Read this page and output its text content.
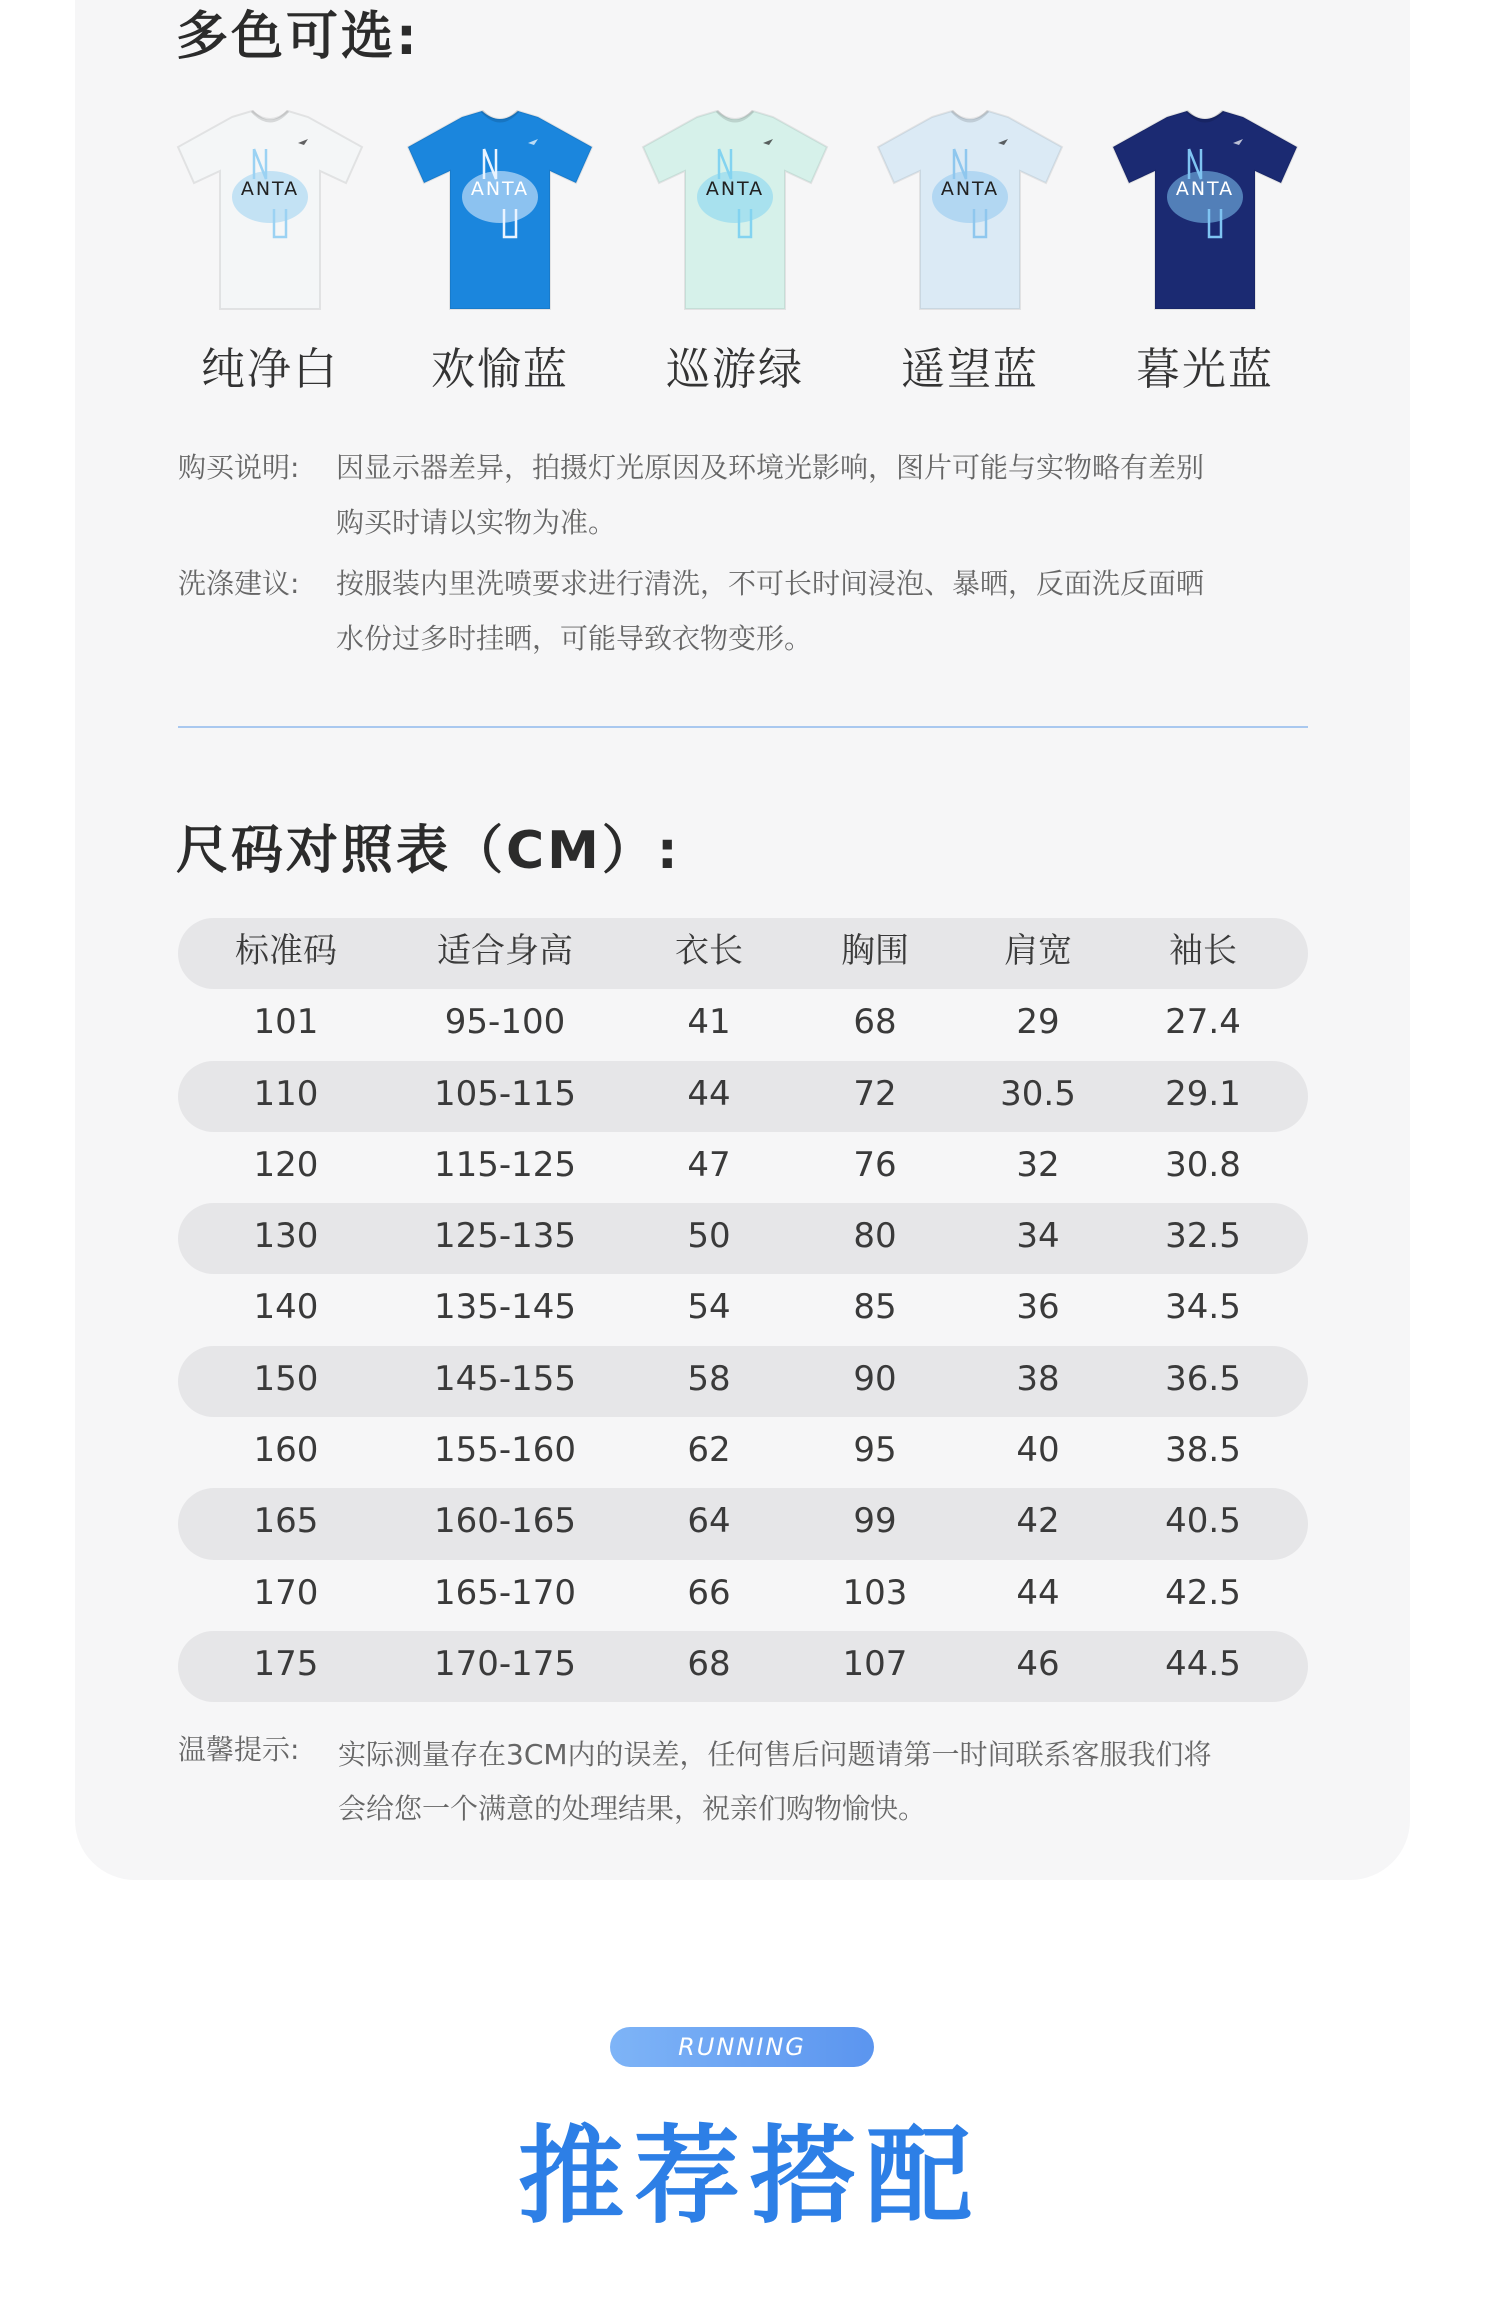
多色可选:
ANTA
纯净白
ANTA
欢愉蓝
ANTA
巡游绿
ANTA
遥望蓝
ANTA
暮光蓝
购买说明: 因显示器差异，拍摄灯光原因及环境光影响，图片可能与实物略有差别
购买时请以实物为准。
洗涤建议: 按服装内里洗喷要求进行清洗，不可长时间浸泡、暴晒，反面洗反面晒
水份过多时挂晒，可能导致衣物变形。
尺码对照表（CM）:
标准码	适合身高	衣长	胸围	肩宽	袖长
101	95-100	41	68	29	27.4
110	105-115	44	72	30.5	29.1
120	115-125	47	76	32	30.8
130	125-135	50	80	34	32.5
140	135-145	54	85	36	34.5
150	145-155	58	90	38	36.5
160	155-160	62	95	40	38.5
165	160-165	64	99	42	40.5
170	165-170	66	103	44	42.5
175	170-175	68	107	46	44.5
温馨提示: 实际测量存在3CM内的误差，任何售后问题请第一时间联系客服我们将
会给您一个满意的处理结果，祝亲们购物愉快。
RUNNING
推荐搭配
